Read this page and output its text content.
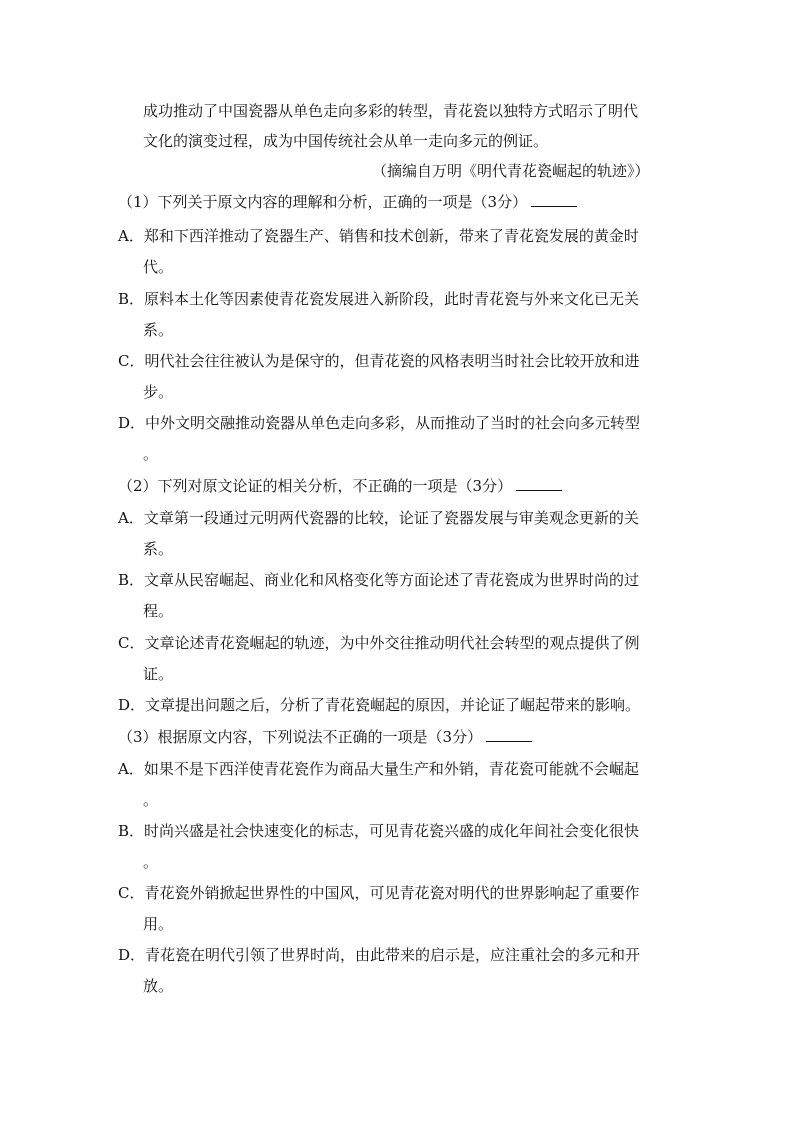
成功推动了中国瓷器从单色走向多彩的转型，青花瓷以独特方式昭示了明代
文化的演变过程，成为中国传统社会从单一走向多元的例证。
（摘编自万明《明代青花瓷崛起的轨迹》）
（1）下列关于原文内容的理解和分析，正确的一项是（3分）
A．郑和下西洋推动了瓷器生产、销售和技术创新，带来了青花瓷发展的黄金时
代。
B．原料本土化等因素使青花瓷发展进入新阶段，此时青花瓷与外来文化已无关
系。
C．明代社会往往被认为是保守的，但青花瓷的风格表明当时社会比较开放和进
步。
D．中外文明交融推动瓷器从单色走向多彩，从而推动了当时的社会向多元转型
。
（2）下列对原文论证的相关分析，不正确的一项是（3分）
A．文章第一段通过元明两代瓷器的比较，论证了瓷器发展与审美观念更新的关
系。
B．文章从民窑崛起、商业化和风格变化等方面论述了青花瓷成为世界时尚的过
程。
C．文章论述青花瓷崛起的轨迹，为中外交往推动明代社会转型的观点提供了例
证。
D．文章提出问题之后，分析了青花瓷崛起的原因，并论证了崛起带来的影响。
（3）根据原文内容，下列说法不正确的一项是（3分）
A．如果不是下西洋使青花瓷作为商品大量生产和外销，青花瓷可能就不会崛起
。
B．时尚兴盛是社会快速变化的标志，可见青花瓷兴盛的成化年间社会变化很快
。
C．青花瓷外销掀起世界性的中国风，可见青花瓷对明代的世界影响起了重要作
用。
D．青花瓷在明代引领了世界时尚，由此带来的启示是，应注重社会的多元和开
放。
